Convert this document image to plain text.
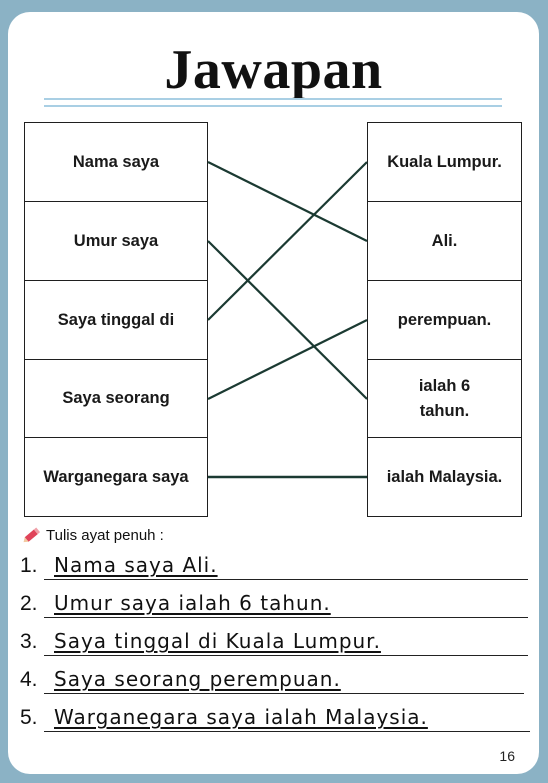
Jawapan
Nama saya
Umur saya
Saya tinggal di
Saya seorang
Warganegara saya
Kuala Lumpur.
Ali.
perempuan.
ialah 6 tahun.
ialah Malaysia.
Tulis ayat penuh :
1. Nama saya Ali.
2. Umur saya ialah 6 tahun.
3. Saya tinggal di Kuala Lumpur.
4. Saya seorang perempuan.
5. Warganegara saya ialah Malaysia.
16
